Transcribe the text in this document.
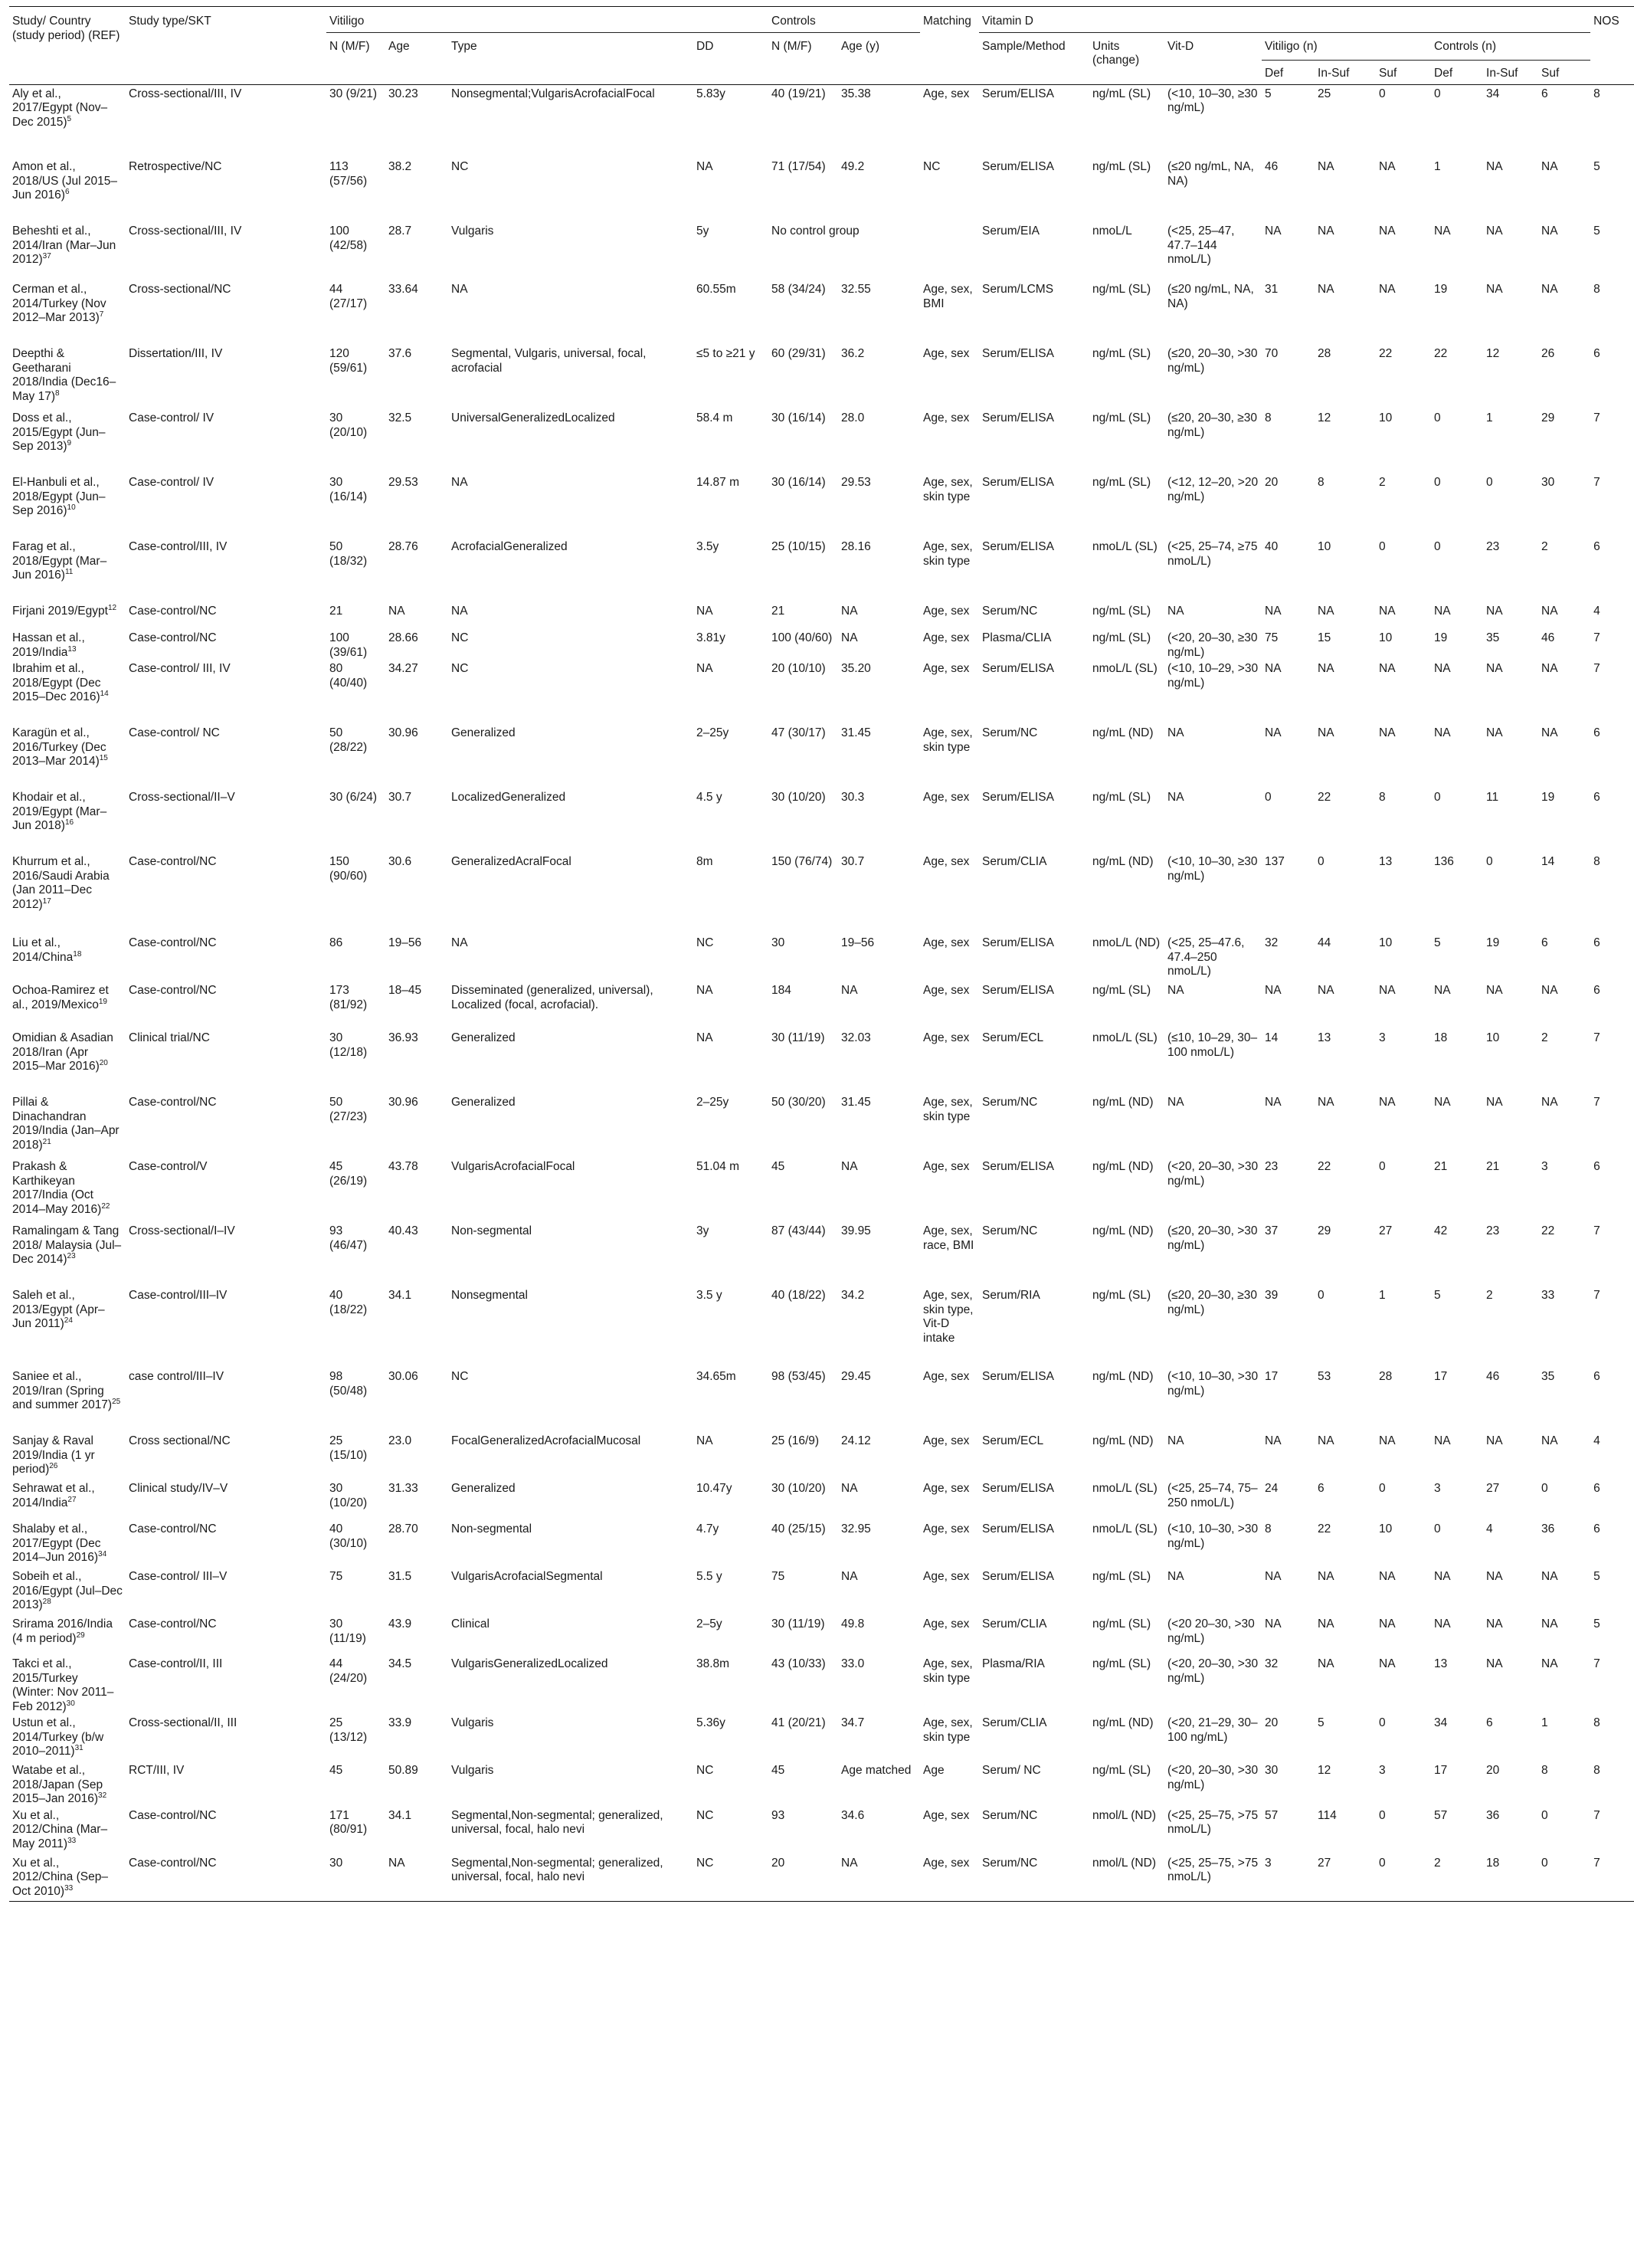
Study/ Country (study period) (REF)	Study type/SKT	Vitiligo				Controls		Matching	Vitamin D									NOS
		N (M/F)	Age	Type	DD	N (M/F)	Age (y)		Sample/Method	Units (change)	Vit-D	Vitiligo (n)			Controls (n)			
												Def	In-Suf	Suf	Def	In-Suf	Suf	
Aly et al., 2017/Egypt (Nov–Dec 2015)$^5$	Cross-sectional/III, IV	30 (9/21)	30.23	Nonsegmental;VulgarisAcrofacialFocal	5.83y	40 (19/21)	35.38	Age, sex	Serum/ELISA	ng/mL (SL)	(<10, 10–30, ≥30 ng/mL)	5	25	0	0	34	6	8
Amon et al., 2018/US (Jul 2015–Jun 2016)$^6$	Retrospective/NC	113 (57/56)	38.2	NC	NA	71 (17/54)	49.2	NC	Serum/ELISA	ng/mL (SL)	(≤20 ng/mL, NA, NA)	46	NA	NA	1	NA	NA	5
Beheshti et al., 2014/Iran (Mar–Jun 2012)$^{37}$	Cross-sectional/III, IV	100 (42/58)	28.7	Vulgaris	5y	No control group			Serum/EIA	nmoL/L	(<25, 25–47, 47.7–144 nmoL/L)	NA	NA	NA	NA	NA	NA	5
Cerman et al., 2014/Turkey (Nov 2012–Mar 2013)$^7$	Cross-sectional/NC	44 (27/17)	33.64	NA	60.55m	58 (34/24)	32.55	Age, sex, BMI	Serum/LCMS	ng/mL (SL)	(≤20 ng/mL, NA, NA)	31	NA	NA	19	NA	NA	8
Deepthi & Geetharani 2018/India (Dec16–May 17)$^8$	Dissertation/III, IV	120 (59/61)	37.6	Segmental, Vulgaris, universal, focal, acrofacial	≤5 to ≥21 y	60 (29/31)	36.2	Age, sex	Serum/ELISA	ng/mL (SL)	(≤20, 20–30, >30 ng/mL)	70	28	22	22	12	26	6
Doss et al., 2015/Egypt (Jun–Sep 2013)$^9$	Case-control/ IV	30 (20/10)	32.5	UniversalGeneralizedLocalized	58.4 m	30 (16/14)	28.0	Age, sex	Serum/ELISA	ng/mL (SL)	(≤20, 20–30, ≥30 ng/mL)	8	12	10	0	1	29	7
El-Hanbuli et al., 2018/Egypt (Jun–Sep 2016)$^{10}$	Case-control/ IV	30 (16/14)	29.53	NA	14.87 m	30 (16/14)	29.53	Age, sex, skin type	Serum/ELISA	ng/mL (SL)	(<12, 12–20, >20 ng/mL)	20	8	2	0	0	30	7
Farag et al., 2018/Egypt (Mar–Jun 2016)$^{11}$	Case-control/III, IV	50 (18/32)	28.76	AcrofacialGeneralized	3.5y	25 (10/15)	28.16	Age, sex, skin type	Serum/ELISA	nmoL/L (SL)	(<25, 25–74, ≥75 nmoL/L)	40	10	0	0	23	2	6
Firjani 2019/Egypt$^{12}$	Case-control/NC	21	NA	NA	NA	21	NA	Age, sex	Serum/NC	ng/mL (SL)	NA	NA	NA	NA	NA	NA	NA	4
Hassan et al., 2019/India$^{13}$	Case-control/NC	100 (39/61)	28.66	NC	3.81y	100 (40/60)	NA	Age, sex	Plasma/CLIA	ng/mL (SL)	(<20, 20–30, ≥30 ng/mL)	75	15	10	19	35	46	7
Ibrahim et al., 2018/Egypt (Dec 2015–Dec 2016)$^{14}$	Case-control/ III, IV	80 (40/40)	34.27	NC	NA	20 (10/10)	35.20	Age, sex	Serum/ELISA	nmoL/L (SL)	(<10, 10–29, >30 ng/mL)	NA	NA	NA	NA	NA	NA	7
Karagün et al., 2016/Turkey (Dec 2013–Mar 2014)$^{15}$	Case-control/ NC	50 (28/22)	30.96	Generalized	2–25y	47 (30/17)	31.45	Age, sex, skin type	Serum/NC	ng/mL (ND)	NA	NA	NA	NA	NA	NA	NA	6
Khodair et al., 2019/Egypt (Mar–Jun 2018)$^{16}$	Cross-sectional/II–V	30 (6/24)	30.7	LocalizedGeneralized	4.5 y	30 (10/20)	30.3	Age, sex	Serum/ELISA	ng/mL (SL)	NA	0	22	8	0	11	19	6
Khurrum et al., 2016/Saudi Arabia (Jan 2011–Dec 2012)$^{17}$	Case-control/NC	150 (90/60)	30.6	GeneralizedAcralFocal	8m	150 (76/74)	30.7	Age, sex	Serum/CLIA	ng/mL (ND)	(<10, 10–30, ≥30 ng/mL)	137	0	13	136	0	14	8
Liu et al., 2014/China$^{18}$	Case-control/NC	86	19–56	NA	NC	30	19–56	Age, sex	Serum/ELISA	nmoL/L (ND)	(<25, 25–47.6, 47.4–250 nmoL/L)	32	44	10	5	19	6	6
Ochoa-Ramirez et al., 2019/Mexico$^{19}$	Case-control/NC	173 (81/92)	18–45	Disseminated (generalized, universal), Localized (focal, acrofacial).	NA	184	NA	Age, sex	Serum/ELISA	ng/mL (SL)	NA	NA	NA	NA	NA	NA	NA	6
Omidian & Asadian 2018/Iran (Apr 2015–Mar 2016)$^{20}$	Clinical trial/NC	30 (12/18)	36.93	Generalized	NA	30 (11/19)	32.03	Age, sex	Serum/ECL	nmoL/L (SL)	(≤10, 10–29, 30–100 nmoL/L)	14	13	3	18	10	2	7
Pillai & Dinachandran 2019/India (Jan–Apr 2018)$^{21}$	Case-control/NC	50 (27/23)	30.96	Generalized	2–25y	50 (30/20)	31.45	Age, sex, skin type	Serum/NC	ng/mL (ND)	NA	NA	NA	NA	NA	NA	NA	7
Prakash & Karthikeyan 2017/India (Oct 2014–May 2016)$^{22}$	Case-control/V	45 (26/19)	43.78	VulgarisAcrofacialFocal	51.04 m	45	NA	Age, sex	Serum/ELISA	ng/mL (ND)	(<20, 20–30, >30 ng/mL)	23	22	0	21	21	3	6
Ramalingam & Tang 2018/ Malaysia (Jul–Dec 2014)$^{23}$	Cross-sectional/I–IV	93 (46/47)	40.43	Non-segmental	3y	87 (43/44)	39.95	Age, sex, race, BMI	Serum/NC	ng/mL (ND)	(≤20, 20–30, >30 ng/mL)	37	29	27	42	23	22	7
Saleh et al., 2013/Egypt (Apr–Jun 2011)$^{24}$	Case-control/III–IV	40 (18/22)	34.1	Nonsegmental	3.5 y	40 (18/22)	34.2	Age, sex, skin type, Vit-D intake	Serum/RIA	ng/mL (SL)	(≤20, 20–30, ≥30 ng/mL)	39	0	1	5	2	33	7
Saniee et al., 2019/Iran (Spring and summer 2017)$^{25}$	case control/III–IV	98 (50/48)	30.06	NC	34.65m	98 (53/45)	29.45	Age, sex	Serum/ELISA	ng/mL (ND)	(<10, 10–30, >30 ng/mL)	17	53	28	17	46	35	6
Sanjay & Raval 2019/India (1 yr period)$^{26}$	Cross sectional/NC	25 (15/10)	23.0	FocalGeneralizedAcrofacialMucosal	NA	25 (16/9)	24.12	Age, sex	Serum/ECL	ng/mL (ND)	NA	NA	NA	NA	NA	NA	NA	4
Sehrawat et al., 2014/India$^{27}$	Clinical study/IV–V	30 (10/20)	31.33	Generalized	10.47y	30 (10/20)	NA	Age, sex	Serum/ELISA	nmoL/L (SL)	(<25, 25–74, 75–250 nmoL/L)	24	6	0	3	27	0	6
Shalaby et al., 2017/Egypt (Dec 2014–Jun 2016)$^{34}$	Case-control/NC	40 (30/10)	28.70	Non-segmental	4.7y	40 (25/15)	32.95	Age, sex	Serum/ELISA	nmoL/L (SL)	(<10, 10–30, >30 ng/mL)	8	22	10	0	4	36	6
Sobeih et al., 2016/Egypt (Jul–Dec 2013)$^{28}$	Case-control/ III–V	75	31.5	VulgarisAcrofacialSegmental	5.5 y	75	NA	Age, sex	Serum/ELISA	ng/mL (SL)	NA	NA	NA	NA	NA	NA	NA	5
Srirama 2016/India (4 m period)$^{29}$	Case-control/NC	30 (11/19)	43.9	Clinical	2–5y	30 (11/19)	49.8	Age, sex	Serum/CLIA	ng/mL (SL)	(<20 20–30, >30 ng/mL)	NA	NA	NA	NA	NA	NA	5
Takci et al., 2015/Turkey (Winter: Nov 2011–Feb 2012)$^{30}$	Case-control/II, III	44 (24/20)	34.5	VulgarisGeneralizedLocalized	38.8m	43 (10/33)	33.0	Age, sex, skin type	Plasma/RIA	ng/mL (SL)	(<20, 20–30, >30 ng/mL)	32	NA	NA	13	NA	NA	7
Ustun et al., 2014/Turkey (b/w 2010–2011)$^{31}$	Cross-sectional/II, III	25 (13/12)	33.9	Vulgaris	5.36y	41 (20/21)	34.7	Age, sex, skin type	Serum/CLIA	ng/mL (ND)	(<20, 21–29, 30–100 ng/mL)	20	5	0	34	6	1	8
Watabe et al., 2018/Japan (Sep 2015–Jan 2016)$^{32}$	RCT/III, IV	45	50.89	Vulgaris	NC	45	Age matched	Age	Serum/ NC	ng/mL (SL)	(<20, 20–30, >30 ng/mL)	30	12	3	17	20	8	8
Xu et al., 2012/China (Mar–May 2011)$^{33}$	Case-control/NC	171 (80/91)	34.1	Segmental,Non-segmental; generalized, universal, focal, halo nevi	NC	93	34.6	Age, sex	Serum/NC	nmol/L (ND)	(<25, 25–75, >75 nmoL/L)	57	114	0	57	36	0	7
Xu et al., 2012/China (Sep–Oct 2010)$^{33}$	Case-control/NC	30	NA	Segmental,Non-segmental; generalized, universal, focal, halo nevi	NC	20	NA	Age, sex	Serum/NC	nmol/L (ND)	(<25, 25–75, >75 nmoL/L)	3	27	0	2	18	0	7
